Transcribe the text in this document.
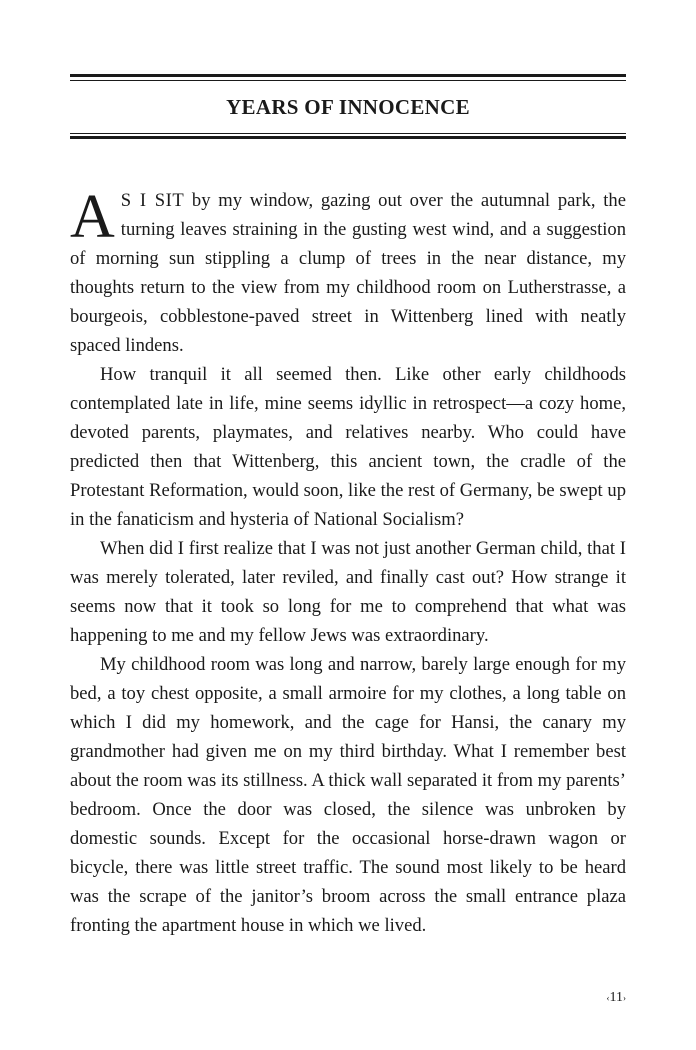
YEARS OF INNOCENCE

A S I SIT by my window, gazing out over the autumnal park, the turning leaves straining in the gusting west wind, and a suggestion of morning sun stippling a clump of trees in the near distance, my thoughts return to the view from my childhood room on Lutherstrasse, a bourgeois, cobblestone-paved street in Wittenberg lined with neatly spaced lindens.

How tranquil it all seemed then. Like other early childhoods contemplated late in life, mine seems idyllic in retrospect—a cozy home, devoted parents, playmates, and relatives nearby. Who could have predicted then that Wittenberg, this ancient town, the cradle of the Protestant Reformation, would soon, like the rest of Germany, be swept up in the fanaticism and hysteria of National Socialism?

When did I first realize that I was not just another German child, that I was merely tolerated, later reviled, and finally cast out? How strange it seems now that it took so long for me to comprehend that what was happening to me and my fellow Jews was extraordinary.

My childhood room was long and narrow, barely large enough for my bed, a toy chest opposite, a small armoire for my clothes, a long table on which I did my homework, and the cage for Hansi, the canary my grandmother had given me on my third birthday. What I remember best about the room was its stillness. A thick wall separated it from my parents’ bedroom. Once the door was closed, the silence was unbroken by domestic sounds. Except for the occasional horse-drawn wagon or bicycle, there was little street traffic. The sound most likely to be heard was the scrape of the janitor’s broom across the small entrance plaza fronting the apartment house in which we lived.

‹11›
